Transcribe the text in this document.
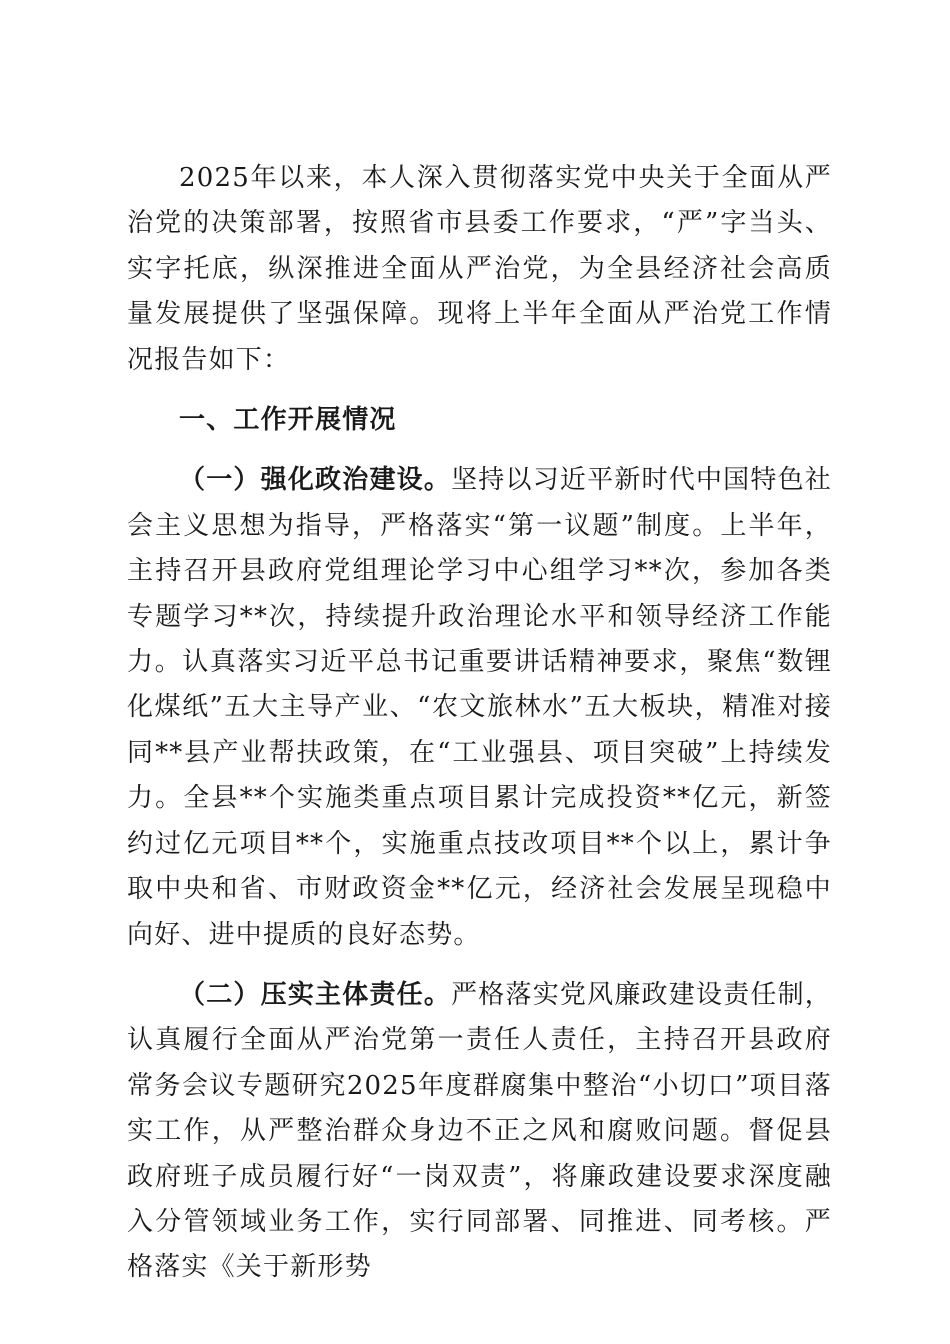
2025年以来，本人深入贯彻落实党中央关于全面从严治党的决策部署，按照省市县委工作要求，“严”字当头、实字托底，纵深推进全面从严治党，为全县经济社会高质量发展提供了坚强保障。现将上半年全面从严治党工作情况报告如下：

一、工作开展情况

（一）强化政治建设。坚持以习近平新时代中国特色社会主义思想为指导，严格落实“第一议题”制度。上半年，主持召开县政府党组理论学习中心组学习**次，参加各类专题学习**次，持续提升政治理论水平和领导经济工作能力。认真落实习近平总书记重要讲话精神要求，聚焦“数锂化煤纸”五大主导产业、“农文旅林水”五大板块，精准对接同**县产业帮扶政策，在“工业强县、项目突破”上持续发力。全县**个实施类重点项目累计完成投资**亿元，新签约过亿元项目**个，实施重点技改项目**个以上，累计争取中央和省、市财政资金**亿元，经济社会发展呈现稳中向好、进中提质的良好态势。

（二）压实主体责任。严格落实党风廉政建设责任制，认真履行全面从严治党第一责任人责任，主持召开县政府常务会议专题研究2025年度群腐集中整治“小切口”项目落实工作，从严整治群众身边不正之风和腐败问题。督促县政府班子成员履行好“一岗双责”，将廉政建设要求深度融入分管领域业务工作，实行同部署、同推进、同考核。严格落实《关于新形势
